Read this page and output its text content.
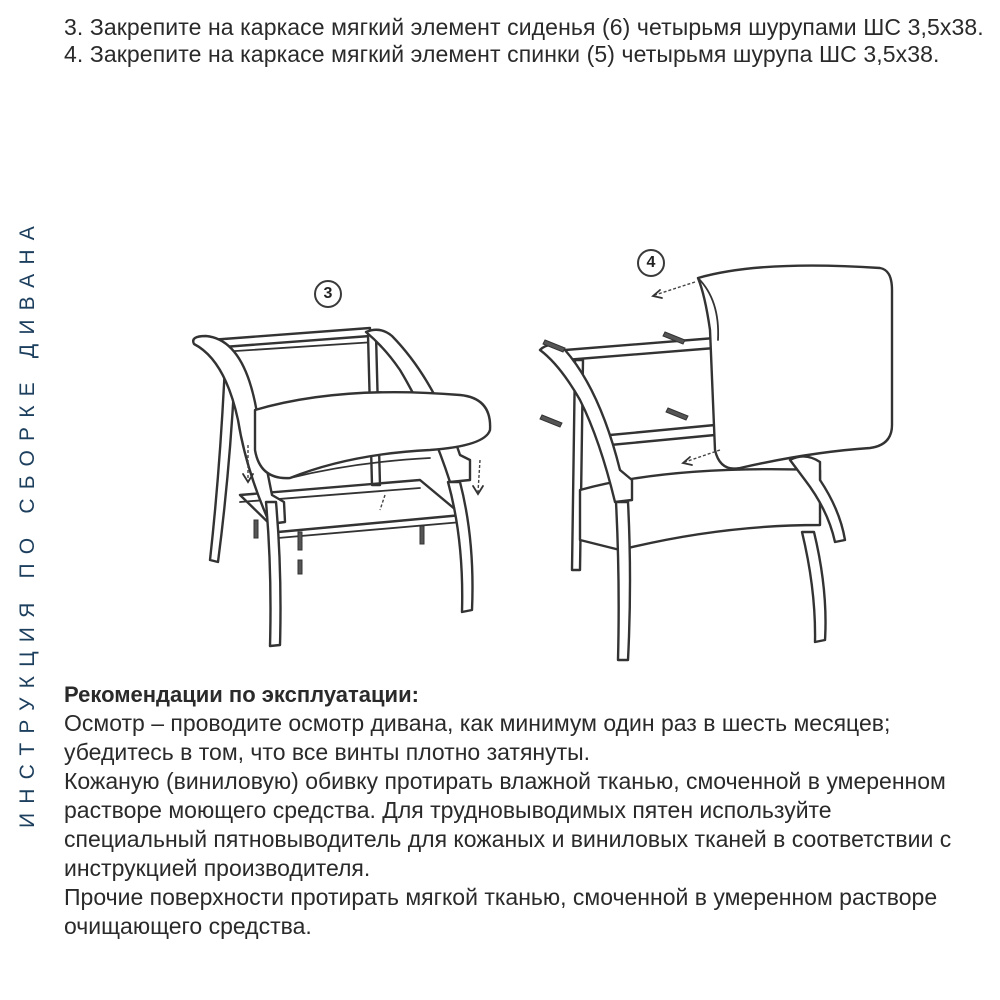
3. Закрепите на каркасе мягкий элемент сиденья (6) четырьмя шурупами ШС 3,5х38.

4. Закрепите на каркасе мягкий элемент спинки (5) четырьмя шурупа ШС 3,5х38.

ИНСТРУКЦИЯ ПО СБОРКЕ ДИВАНА	3
4
Рекомендации по эксплуатации:

Осмотр – проводите осмотр дивана, как минимум один раз в шесть месяцев; убедитесь в том, что все винты плотно затянуты.

Кожаную (виниловую) обивку протирать влажной тканью, смоченной в умеренном растворе моющего средства. Для трудновыводимых пятен используйте специальный пятновыводитель для кожаных и виниловых тканей в соответствии с инструкцией производителя.

Прочие поверхности протирать мягкой тканью, смоченной в умеренном растворе очищающего средства.
